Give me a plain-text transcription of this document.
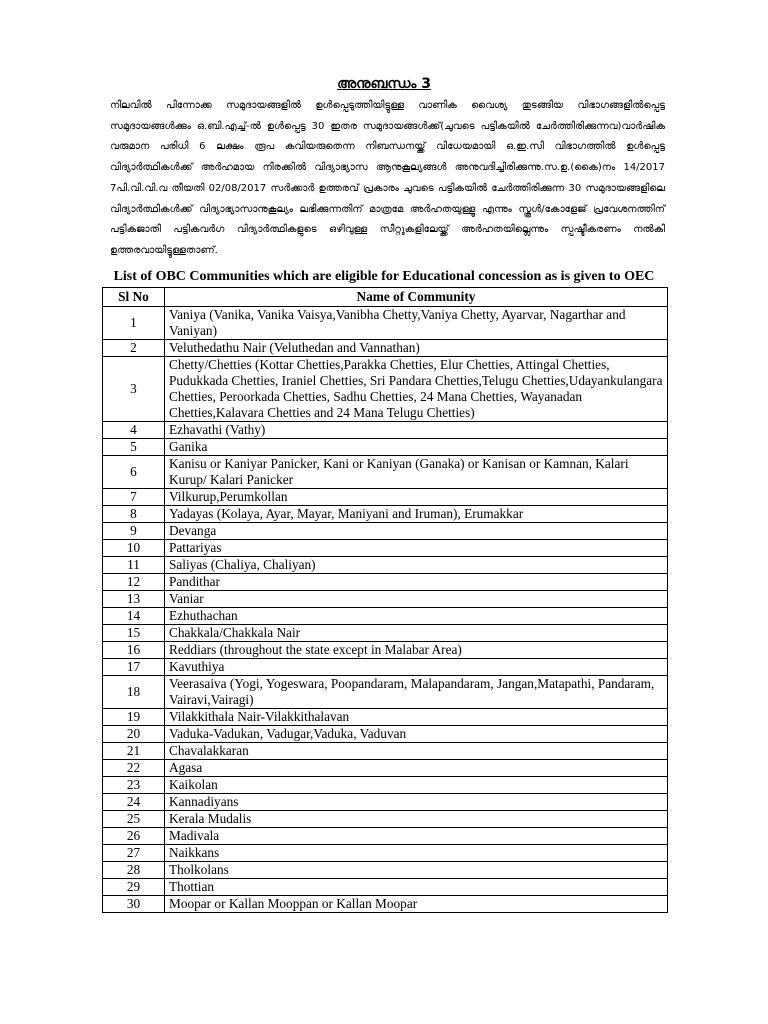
അനുബന്ധം 3
നിലവിൽ പിന്നോക്ക സമുദായങ്ങളിൽ ഉൾപ്പെടുത്തിയിട്ടുള്ള വാണിക വൈശ്യ തുടങ്ങിയ വിഭാഗങ്ങളിൽപ്പെട്ട സമുദായങ്ങൾക്കും ഒ.ബി.എച്ച്-ൽ ഉൾപ്പെട്ട 30 ഇതര സമുദായങ്ങൾക്ക്(ചുവടെ പട്ടികയിൽ ചേർത്തിരിക്കുന്നവ)വാർഷിക വരുമാന പരിധി 6 ലക്ഷം രൂപ കവിയരുതെന്ന നിബന്ധനയ്ക്ക് വിധേയമായി ഒ.ഇ.സി വിഭാഗത്തിൽ ഉൾപ്പെട്ട വിദ്യാർത്ഥികൾക്ക് അർഹമായ നിരക്കിൽ വിദ്യാഭ്യാസ ആനുകൂല്യങ്ങൾ അനുവദിച്ചിരിക്കുന്നു.സ.ഉ.(കൈ)നം 14/2017 7പി.വി.വി.വ തീയതി 02/08/2017 സർക്കാർ ഉത്തരവ് പ്രകാരം ചുവടെ പട്ടികയിൽ ചേർത്തിരിക്കുന്ന 30 സമുദായങ്ങളിലെ വിദ്യാർത്ഥികൾക്ക് വിദ്യാഭ്യാസാനുകൂല്യം ലഭിക്കുന്നതിന് മാത്രമേ അർഹതയുള്ളൂ എന്നും സ്കൂൾ/കോളേജ് പ്രവേശനത്തിന് പട്ടികജാതി പട്ടികവർഗ വിദ്യാർത്ഥികളുടെ ഒഴിവുള്ള സീറ്റുകളിലേയ്ക്ക് അർഹതയില്ലെന്നും സ്പഷ്ടീകരണം നൽകി ഉത്തരവായിട്ടുള്ളതാണ്.
List of OBC Communities which are eligible for Educational concession as is given to OEC
Sl No	Name of Community
1	Vaniya (Vanika, Vanika Vaisya,Vanibha Chetty,Vaniya Chetty, Ayarvar, Nagarthar and Vaniyan)
2	Veluthedathu Nair (Veluthedan and Vannathan)
3	Chetty/Chetties (Kottar Chetties,Parakka Chetties, Elur Chetties, Attingal Chetties, Pudukkada Chetties, Iraniel Chetties, Sri Pandara Chetties,Telugu Chetties,Udayankulangara Chetties, Peroorkada Chetties, Sadhu Chetties, 24 Mana Chetties, Wayanadan Chetties,Kalavara Chetties and 24 Mana Telugu Chetties)
4	Ezhavathi (Vathy)
5	Ganika
6	Kanisu or Kaniyar Panicker, Kani or Kaniyan (Ganaka) or Kanisan or Kamnan, Kalari Kurup/ Kalari Panicker
7	Vilkurup,Perumkollan
8	Yadayas (Kolaya, Ayar, Mayar, Maniyani and Iruman), Erumakkar
9	Devanga
10	Pattariyas
11	Saliyas (Chaliya, Chaliyan)
12	Pandithar
13	Vaniar
14	Ezhuthachan
15	Chakkala/Chakkala Nair
16	Reddiars (throughout the state except in Malabar Area)
17	Kavuthiya
18	Veerasaiva (Yogi, Yogeswara, Poopandaram, Malapandaram, Jangan,Matapathi, Pandaram, Vairavi,Vairagi)
19	Vilakkithala Nair-Vilakkithalavan
20	Vaduka-Vadukan, Vadugar,Vaduka, Vaduvan
21	Chavalakkaran
22	Agasa
23	Kaikolan
24	Kannadiyans
25	Kerala Mudalis
26	Madivala
27	Naikkans
28	Tholkolans
29	Thottian
30	Moopar or Kallan Mooppan or Kallan Moopar
